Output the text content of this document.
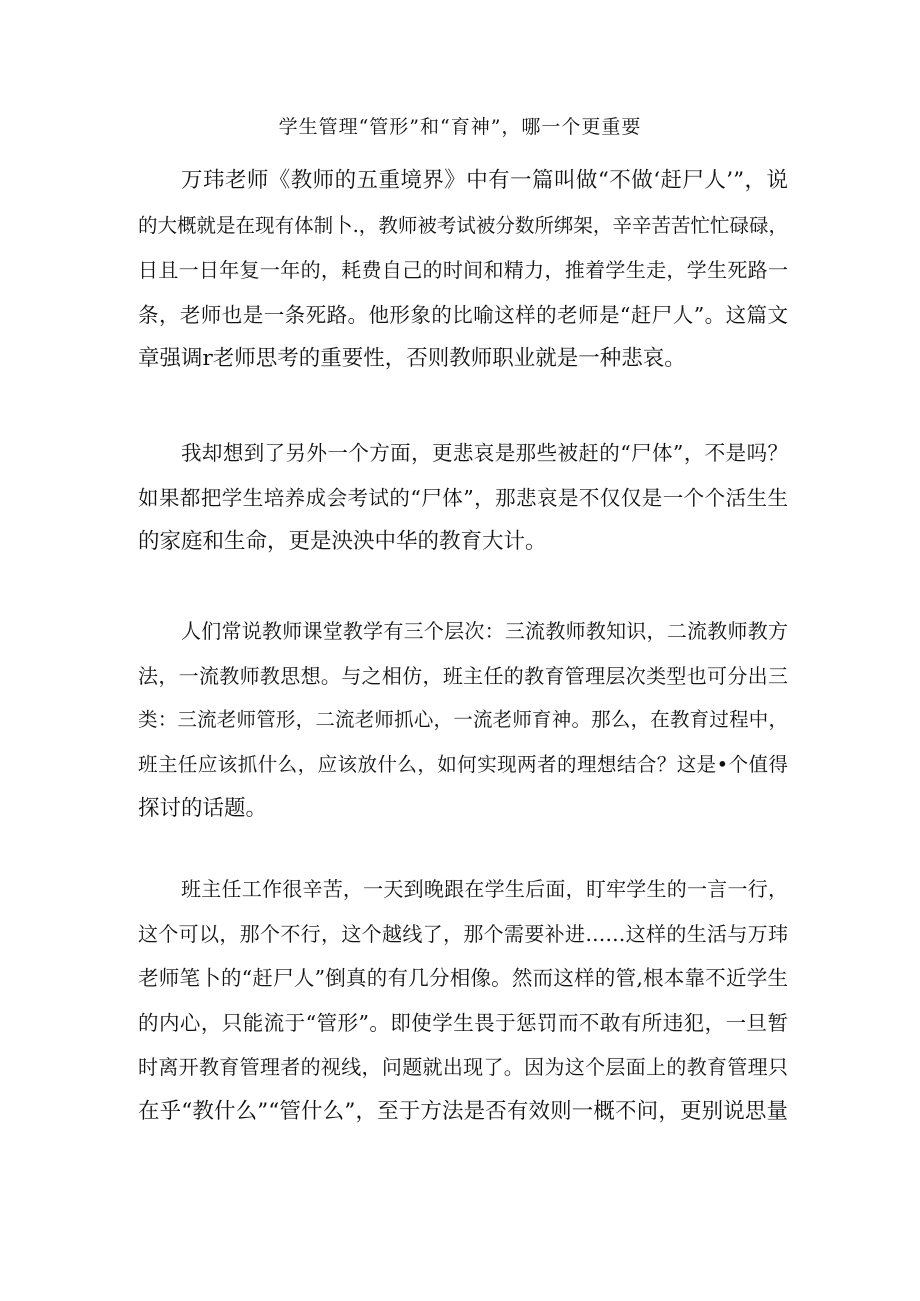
学生管理“管形”和“育神”，哪一个更重要
万玮老师《教师的五重境界》中有一篇叫做“不做‘赶尸人’”，说
的大概就是在现有体制卜.，教师被考试被分数所绑架，辛辛苦苦忙忙碌碌，
日且一日年复一年的，耗费自己的时间和精力，推着学生走，学生死路一
条，老师也是一条死路。他形象的比喻这样的老师是“赶尸人”。这篇文
章强调r老师思考的重要性，否则教师职业就是一种悲哀。
我却想到了另外一个方面，更悲哀是那些被赶的“尸体”，不是吗？
如果都把学生培养成会考试的“尸体”，那悲哀是不仅仅是一个个活生生
的家庭和生命，更是泱泱中华的教育大计。
人们常说教师课堂教学有三个层次：三流教师教知识，二流教师教方
法，一流教师教思想。与之相仿，班主任的教育管理层次类型也可分出三
类：三流老师管形，二流老师抓心，一流老师育神。那么，在教育过程中，
班主任应该抓什么，应该放什么，如何实现两者的理想结合？这是•个值得
探讨的话题。
班主任工作很辛苦，一天到晚跟在学生后面，盯牢学生的一言一行，
这个可以，那个不行，这个越线了，那个需要补进……这样的生活与万玮
老师笔卜的“赶尸人”倒真的有几分相像。然而这样的管,根本靠不近学生
的内心，只能流于“管形”。即使学生畏于惩罚而不敢有所违犯，一旦暂
时离开教育管理者的视线，问题就出现了。因为这个层面上的教育管理只
在乎“教什么”“管什么”，至于方法是否有效则一概不问，更别说思量
